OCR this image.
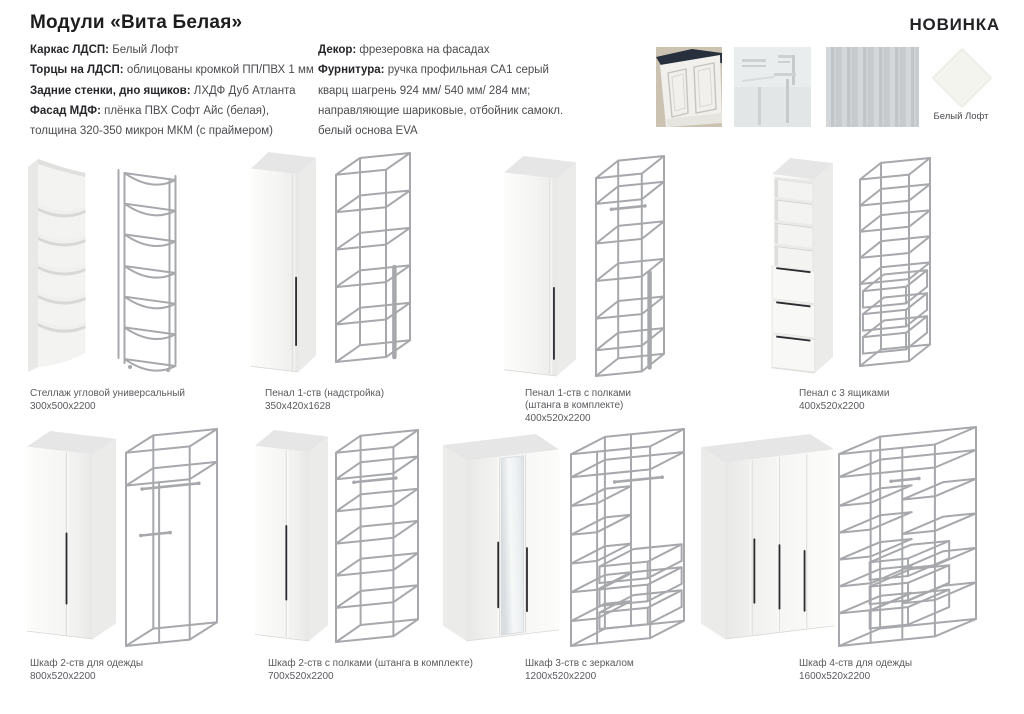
Модули «Вита Белая»	НОВИНКА
Каркас ЛДСП: Белый Лофт
Торцы на ЛДСП: облицованы кромкой ПП/ПВХ 1 мм
Задние стенки, дно ящиков: ЛХДФ Дуб Атланта
Фасад МДФ: плёнка ПВХ Софт Айс (белая),
толщина 320-350 микрон МКМ (с праймером)
Декор: фрезеровка на фасадах
Фурнитура: ручка профильная СА1 серый
кварц шагрень 924 мм/ 540 мм/ 284 мм;
направляющие шариковые, отбойник самокл.
белый основа EVA
Белый Лофт
Стеллаж угловой универсальный
300х500х2200
Пенал 1-ств (надстройка)
350х420х1628
Пенал 1-ств с полками
(штанга в комплекте)
400х520х2200
Пенал с 3 ящиками
400х520х2200
Шкаф 2-ств для одежды
800х520х2200
Шкаф 2-ств с полками (штанга в комплекте)
700х520х2200
Шкаф 3-ств с зеркалом
1200х520х2200
Шкаф 4-ств для одежды
1600х520х2200
